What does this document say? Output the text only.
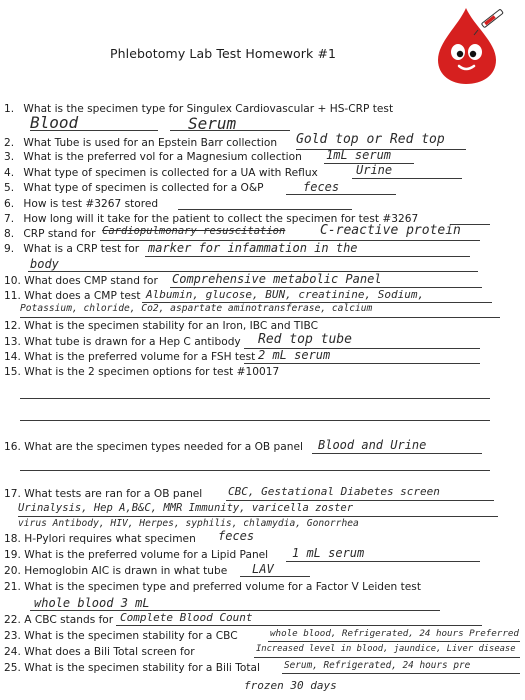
Phlebotomy Lab Test Homework #1
1. What is the specimen type for Singulex Cardiovascular + HS-CRP test
Blood	Serum
2. What Tube is used for an Epstein Barr collection Gold top or Red top
3. What is the preferred vol for a Magnesium collection 1mL serum
4. What type of specimen is collected for a UA with Reflux	Urine
5. What type of specimen is collected for a O&P	feces
6. How is test #3267 stored
7. How long will it take for the patient to collect the specimen for test #3267
8. CRP stand for Cardiopulmonary resuscitation	C-reactive protein
9. What is a CRP test for marker for infammation in the
body
10. What does CMP stand for Comprehensive metabolic Panel
11. What does a CMP test Albumin, glucose, BUN, creatinine, Sodium,
Potassium, chloride, Co2, aspartate aminotransferase, calcium
12. What is the specimen stability for an Iron, IBC and TIBC
13. What tube is drawn for a Hep C antibody Red top tube
14. What is the preferred volume for a FSH test 2 mL serum
15. What is the 2 specimen options for test #10017
16. What are the specimen types needed for a OB panel Blood and Urine
17. What tests are ran for a OB panel CBC, Gestational Diabetes screen
Urinalysis, Hep A,B&C, MMR Immunity, varicella zoster
virus Antibody, HIV, Herpes, syphilis, chlamydia, Gonorrhea
18. H-Pylori requires what specimen feces
19. What is the preferred volume for a Lipid Panel 1 mL serum
20. Hemoglobin AIC is drawn in what tube LAV
21. What is the specimen type and preferred volume for a Factor V Leiden test
whole blood 3 mL
22. A CBC stands for Complete Blood Count
23. What is the specimen stability for a CBC	whole blood, Refrigerated, 24 hours Preferred
24. What does a Bili Total screen for	Increased level in blood, jaundice, Liver disease
25. What is the specimen stability for a Bili Total	Serum, Refrigerated, 24 hours pre
frozen 30 days
